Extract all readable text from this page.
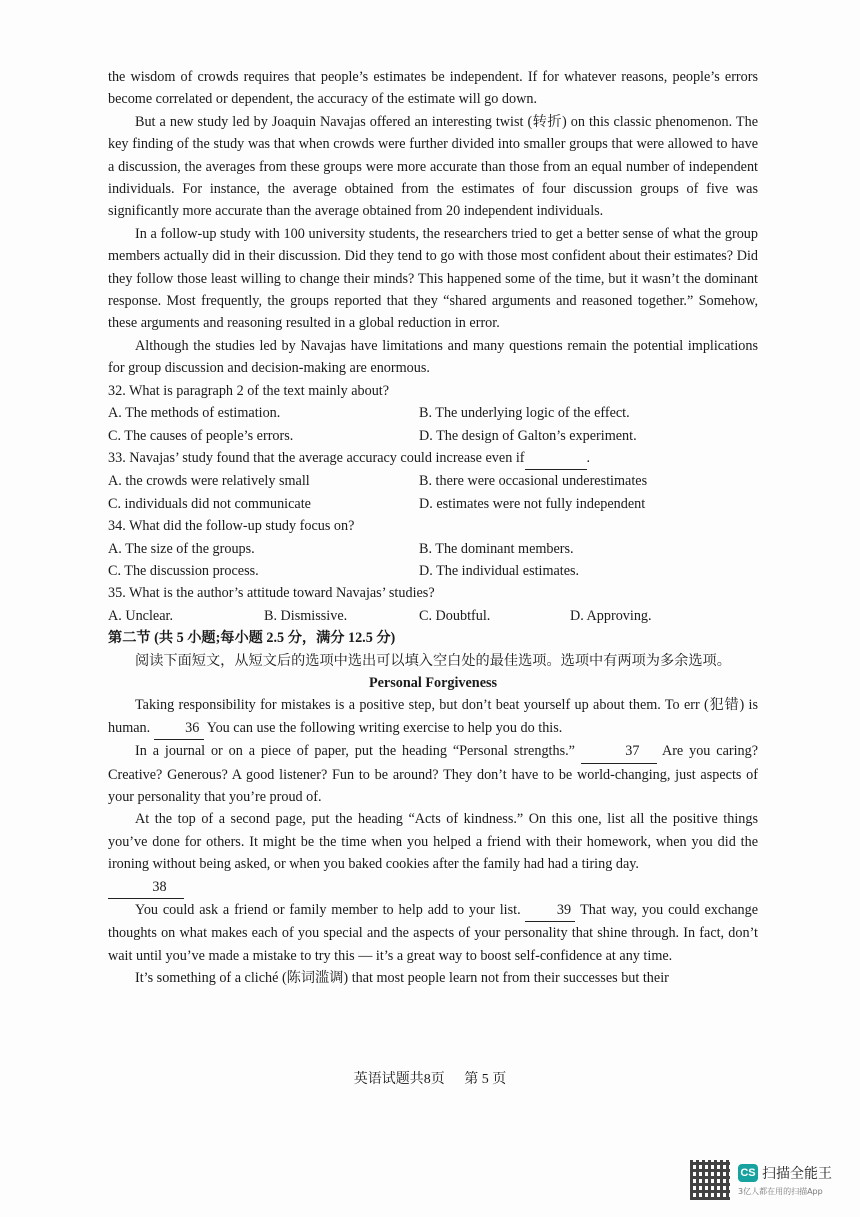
the wisdom of crowds requires that people’s estimates be independent. If for whatever reasons, people’s errors become correlated or dependent, the accuracy of the estimate will go down.

But a new study led by Joaquin Navajas offered an interesting twist (转折) on this classic phenomenon. The key finding of the study was that when crowds were further divided into smaller groups that were allowed to have a discussion, the averages from these groups were more accurate than those from an equal number of independent individuals. For instance, the average obtained from the estimates of four discussion groups of five was significantly more accurate than the average obtained from 20 independent individuals.

In a follow-up study with 100 university students, the researchers tried to get a better sense of what the group members actually did in their discussion. Did they tend to go with those most confident about their estimates? Did they follow those least willing to change their minds? This happened some of the time, but it wasn’t the dominant response. Most frequently, the groups reported that they “shared arguments and reasoned together.” Somehow, these arguments and reasoning resulted in a global reduction in error.

Although the studies led by Navajas have limitations and many questions remain the potential implications for group discussion and decision-making are enormous.

32. What is paragraph 2 of the text mainly about?

A. The methods of estimation.	B. The underlying logic of the effect.
C. The causes of people’s errors.	D. The design of Galton’s experiment.

33. Navajas’ study found that the average accuracy could increase even if	.

A. the crowds were relatively small	B. there were occasional underestimates
C. individuals did not communicate	D. estimates were not fully independent

34. What did the follow-up study focus on?

A. The size of the groups.	B. The dominant members.
C. The discussion process.	D. The individual estimates.

35. What is the author’s attitude toward Navajas’ studies?

A. Unclear.	B. Dismissive.	C. Doubtful.	D. Approving.

第二节 (共 5 小题;每小题 2.5 分，满分 12.5 分)

阅读下面短文，从短文后的选项中选出可以填入空白处的最佳选项。选项中有两项为多余选项。

Personal Forgiveness

Taking responsibility for mistakes is a positive step, but don’t beat yourself up about them. To err (犯错) is human. 36 You can use the following writing exercise to help you do this.

In a journal or on a piece of paper, put the heading “Personal strengths.”	37 Are you caring? Creative? Generous? A good listener? Fun to be around? They don’t have to be world-changing, just aspects of your personality that you’re proud of.

At the top of a second page, put the heading “Acts of kindness.” On this one, list all the positive things you’ve done for others. It might be the time when you helped a friend with their homework, when you did the ironing without being asked, or when you baked cookies after the family had had a tiring day.
38

You could ask a friend or family member to help add to your list.	39 That way, you could exchange thoughts on what makes each of you special and the aspects of your personality that shine through. In fact, don’t wait until you’ve made a mistake to try this — it’s a great way to boost self-confidence at any time.

It’s something of a cliché (陈词滥调) that most people learn not from their successes but their

英语试题共8页 第 5 页
CS 扫描全能王
3亿人都在用的扫描App
